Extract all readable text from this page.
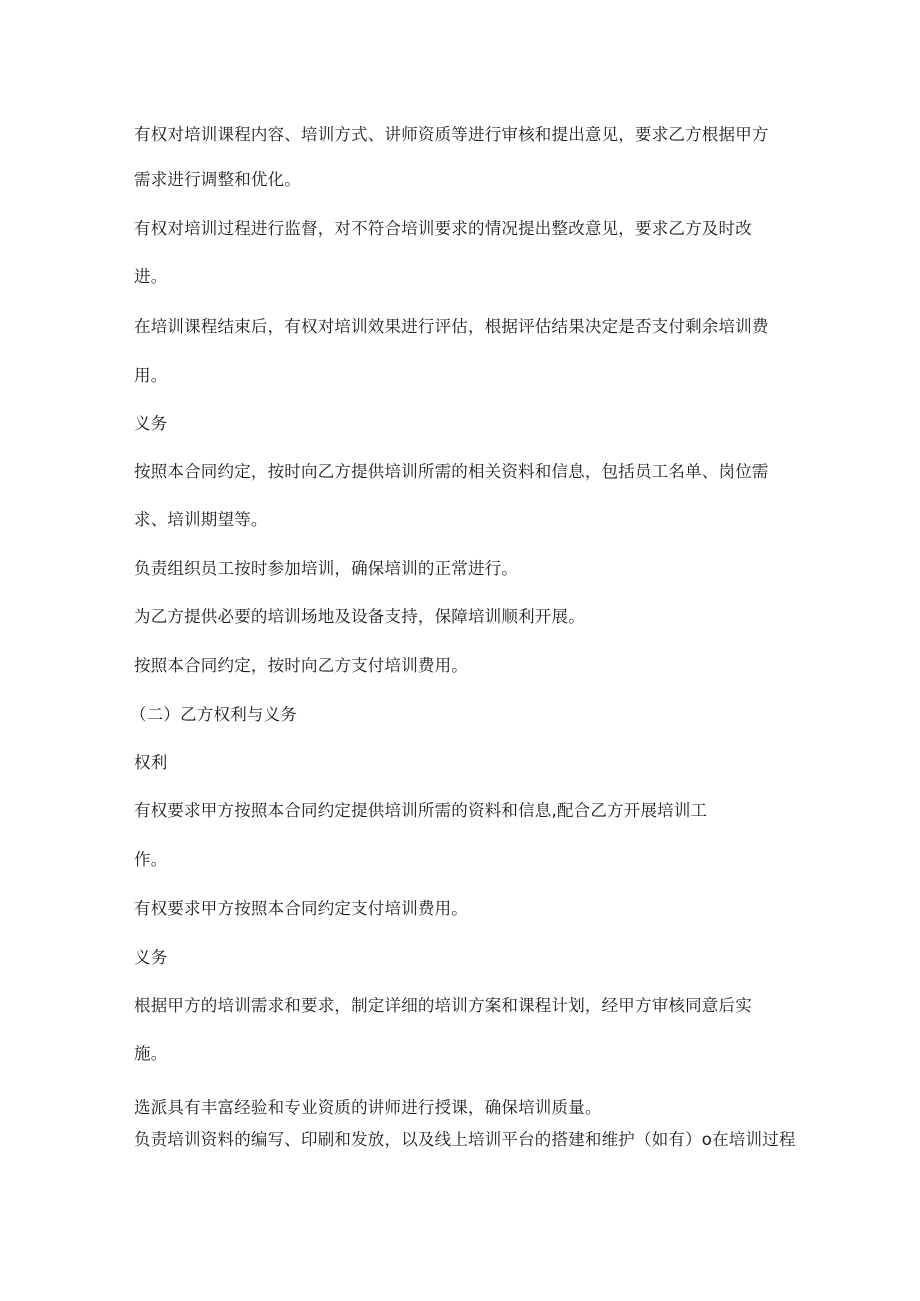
有权对培训课程内容、培训方式、讲师资质等进行审核和提出意见，要求乙方根据甲方

需求进行调整和优化。

有权对培训过程进行监督，对不符合培训要求的情况提出整改意见，要求乙方及时改

进。

在培训课程结束后，有权对培训效果进行评估，根据评估结果决定是否支付剩余培训费

用。

义务

按照本合同约定，按时向乙方提供培训所需的相关资料和信息，包括员工名单、岗位需

求、培训期望等。

负责组织员工按时参加培训，确保培训的正常进行。

为乙方提供必要的培训场地及设备支持，保障培训顺利开展。

按照本合同约定，按时向乙方支付培训费用。

（二）乙方权利与义务

权利

有权要求甲方按照本合同约定提供培训所需的资料和信息,配合乙方开展培训工

作。

有权要求甲方按照本合同约定支付培训费用。

义务

根据甲方的培训需求和要求，制定详细的培训方案和课程计划，经甲方审核同意后实

施。

选派具有丰富经验和专业资质的讲师进行授课，确保培训质量。

负责培训资料的编写、印刷和发放，以及线上培训平台的搭建和维护（如有）o在培训过程
